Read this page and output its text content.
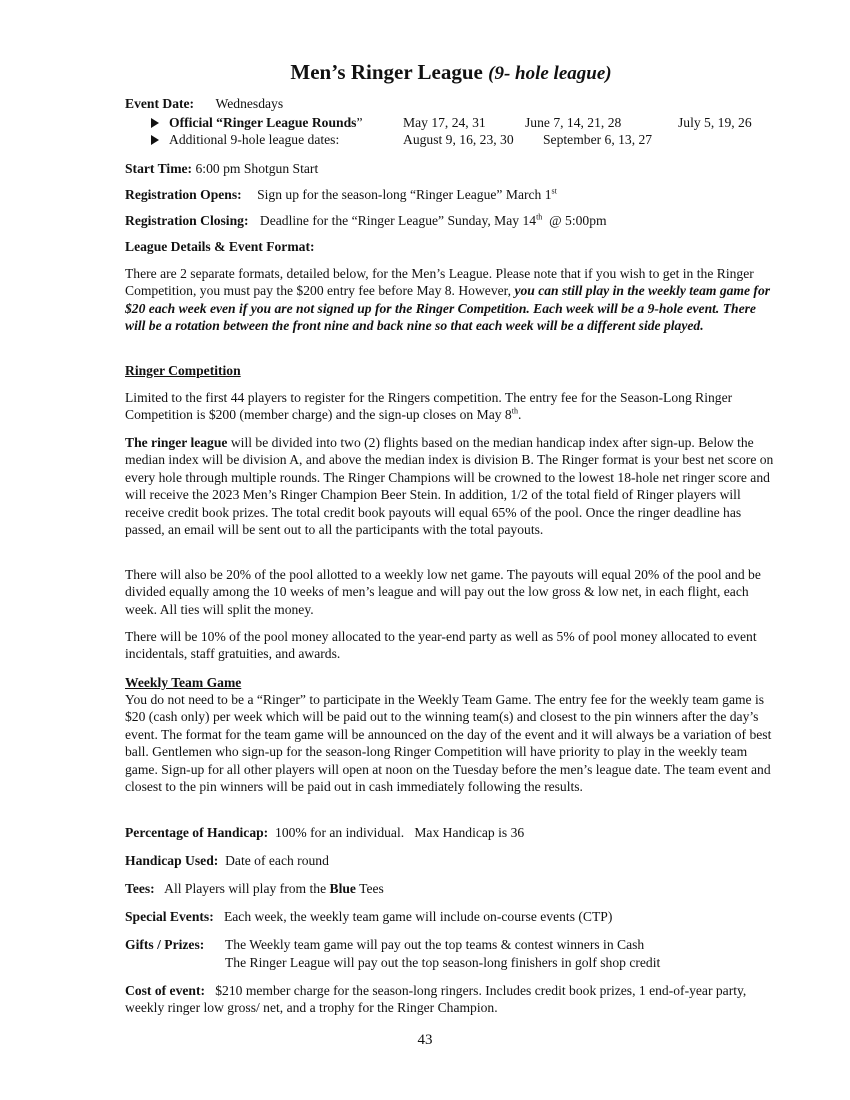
Men’s Ringer League (9- hole league)
Event Date: Wednesdays
Official “Ringer League Rounds”	May 17, 24, 31	June 7, 14, 21, 28	July 5, 19, 26
Additional 9-hole league dates:	August 9, 16, 23, 30 September 6, 13, 27
Start Time: 6:00 pm Shotgun Start
Registration Opens: Sign up for the season-long “Ringer League” March 1st
Registration Closing: Deadline for the “Ringer League” Sunday, May 14th  @ 5:00pm
League Details & Event Format:

There are 2 separate formats, detailed below, for the Men’s League. Please note that if you wish to get in the Ringer Competition, you must pay the $200 entry fee before May 8. However, you can still play in the weekly team game for $20 each week even if you are not signed up for the Ringer Competition. Each week will be a 9-hole event. There will be a rotation between the front nine and back nine so that each week will be a different side played.

Ringer Competition

Limited to the first 44 players to register for the Ringers competition. The entry fee for the Season-Long Ringer Competition is $200 (member charge) and the sign-up closes on May 8th.

The ringer league will be divided into two (2) flights based on the median handicap index after sign-up. Below the median index will be division A, and above the median index is division B. The Ringer format is your best net score on every hole through multiple rounds. The Ringer Champions will be crowned to the lowest 18-hole net ringer score and will receive the 2023 Men’s Ringer Champion Beer Stein. In addition, 1/2 of the total field of Ringer players will receive credit book prizes. The total credit book payouts will equal 65% of the pool. Once the ringer deadline has passed, an email will be sent out to all the participants with the total payouts.

There will also be 20% of the pool allotted to a weekly low net game. The payouts will equal 20% of the pool and be divided equally among the 10 weeks of men’s league and will pay out the low gross & low net, in each flight, each week. All ties will split the money.

There will be 10% of the pool money allocated to the year-end party as well as 5% of pool money allocated to event incidentals, staff gratuities, and awards.

Weekly Team Game

You do not need to be a “Ringer” to participate in the Weekly Team Game. The entry fee for the weekly team game is $20 (cash only) per week which will be paid out to the winning team(s) and closest to the pin winners after the day’s event. The format for the team game will be announced on the day of the event and it will always be a variation of best ball. Gentlemen who sign-up for the season-long Ringer Competition will have priority to play in the weekly team game. Sign-up for all other players will open at noon on the Tuesday before the men’s league date. The team event and closest to the pin winners will be paid out in cash immediately following the results.

Percentage of Handicap:  100% for an individual.   Max Handicap is 36
Handicap Used:  Date of each round
Tees:   All Players will play from the Blue Tees
Special Events:   Each week, the weekly team game will include on-course events (CTP)
Gifts / Prizes: The Weekly team game will pay out the top teams & contest winners in Cash
The Ringer League will pay out the top season-long finishers in golf shop credit

Cost of event:   $210 member charge for the season-long ringers. Includes credit book prizes, 1 end-of-year party, weekly ringer low gross/ net, and a trophy for the Ringer Champion.

43
